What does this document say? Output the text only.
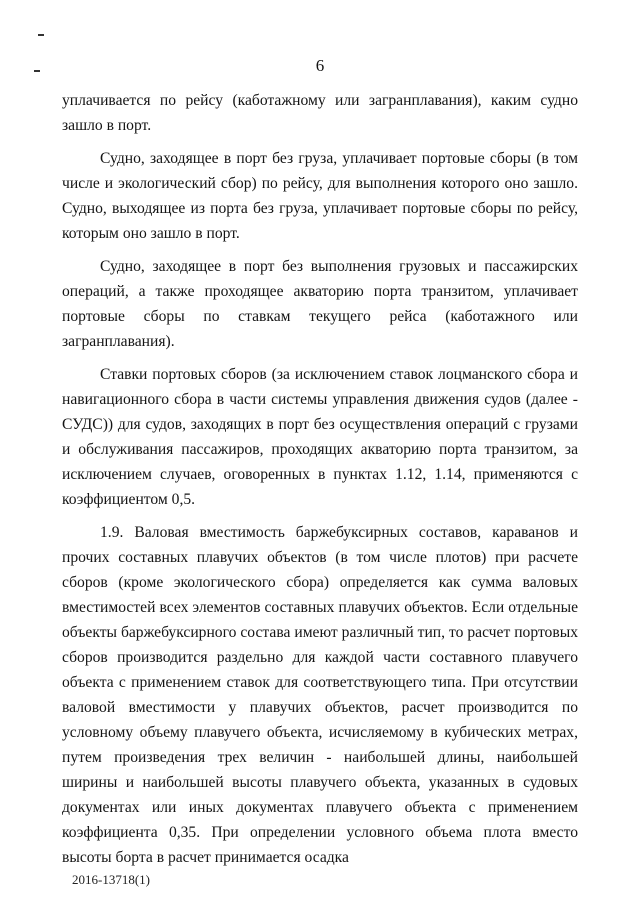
6

уплачивается по рейсу (каботажному или загранплавания), каким судно зашло в порт.

Судно, заходящее в порт без груза, уплачивает портовые сборы (в том числе и экологический сбор) по рейсу, для выполнения которого оно зашло. Судно, выходящее из порта без груза, уплачивает портовые сборы по рейсу, которым оно зашло в порт.

Судно, заходящее в порт без выполнения грузовых и пассажирских операций, а также проходящее акваторию порта транзитом, уплачивает портовые сборы по ставкам текущего рейса (каботажного или загранплавания).

Ставки портовых сборов (за исключением ставок лоцманского сбора и навигационного сбора в части системы управления движения судов (далее - СУДС)) для судов, заходящих в порт без осуществления операций с грузами и обслуживания пассажиров, проходящих акваторию порта транзитом, за исключением случаев, оговоренных в пунктах 1.12, 1.14, применяются с коэффициентом 0,5.

1.9. Валовая вместимость баржебуксирных составов, караванов и прочих составных плавучих объектов (в том числе плотов) при расчете сборов (кроме экологического сбора) определяется как сумма валовых вместимостей всех элементов составных плавучих объектов. Если отдельные объекты баржебуксирного состава имеют различный тип, то расчет портовых сборов производится раздельно для каждой части составного плавучего объекта с применением ставок для соответствующего типа. При отсутствии валовой вместимости у плавучих объектов, расчет производится по условному объему плавучего объекта, исчисляемому в кубических метрах, путем произведения трех величин - наибольшей длины, наибольшей ширины и наибольшей высоты плавучего объекта, указанных в судовых документах или иных документах плавучего объекта с применением коэффициента 0,35. При определении условного объема плота вместо высоты борта в расчет принимается осадка

2016-13718(1)
